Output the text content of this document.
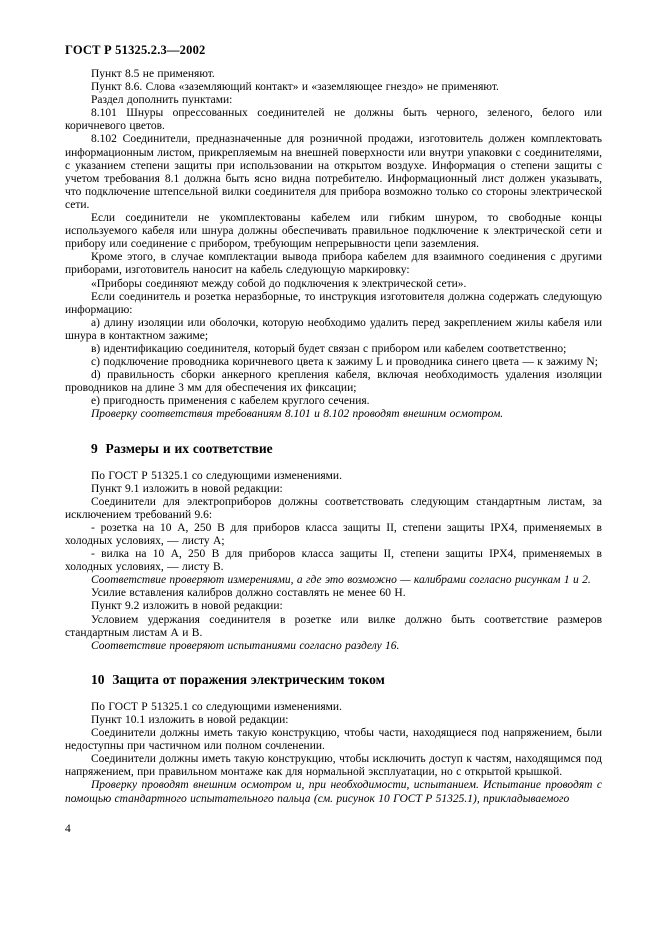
ГОСТ Р 51325.2.3—2002

Пункт 8.5 не применяют.

Пункт 8.6. Слова «заземляющий контакт» и «заземляющее гнездо» не применяют.

Раздел дополнить пунктами:

8.101 Шнуры опрессованных соединителей не должны быть черного, зеленого, белого или коричневого цветов.

8.102 Соединители, предназначенные для розничной продажи, изготовитель должен комплектовать информационным листом, прикрепляемым на внешней поверхности или внутри упаковки с соединителями, с указанием степени защиты при использовании на открытом воздухе. Информация о степени защиты с учетом требования 8.1 должна быть ясно видна потребителю. Информационный лист должен указывать, что подключение штепсельной вилки соединителя для прибора возможно только со стороны электрической сети.

Если соединители не укомплектованы кабелем или гибким шнуром, то свободные концы используемого кабеля или шнура должны обеспечивать правильное подключение к электрической сети и прибору или соединение с прибором, требующим непрерывности цепи заземления.

Кроме этого, в случае комплектации вывода прибора кабелем для взаимного соединения с другими приборами, изготовитель наносит на кабель следующую маркировку:

«Приборы соединяют между собой до подключения к электрической сети».

Если соединитель и розетка неразборные, то инструкция изготовителя должна содержать следующую информацию:

а) длину изоляции или оболочки, которую необходимо удалить перед закреплением жилы кабеля или шнура в контактном зажиме;

в) идентификацию соединителя, который будет связан с прибором или кабелем соответственно;

с) подключение проводника коричневого цвета к зажиму L и проводника синего цвета — к зажиму N;

d) правильность сборки анкерного крепления кабеля, включая необходимость удаления изоляции проводников на длине 3 мм для обеспечения их фиксации;

е) пригодность применения с кабелем круглого сечения.

Проверку соответствия требованиям 8.101 и 8.102 проводят внешним осмотром.

9  Размеры и их соответствие

По ГОСТ Р 51325.1 со следующими изменениями.

Пункт 9.1 изложить в новой редакции:

Соединители для электроприборов должны соответствовать следующим стандартным листам, за исключением требований 9.6:

- розетка на 10 А, 250 В для приборов класса защиты II, степени защиты IPX4, применяемых в холодных условиях, — листу А;

- вилка на 10 А, 250 В для приборов класса защиты II, степени защиты IPX4, применяемых в холодных условиях, — листу В.

Соответствие проверяют измерениями, а где это возможно — калибрами согласно рисункам 1 и 2.

Усилие вставления калибров должно составлять не менее 60 Н.

Пункт 9.2 изложить в новой редакции:

Условием удержания соединителя в розетке или вилке должно быть соответствие размеров стандартным листам А и В.

Соответствие проверяют испытаниями согласно разделу 16.

10  Защита от поражения электрическим током

По ГОСТ Р 51325.1 со следующими изменениями.

Пункт 10.1 изложить в новой редакции:

Соединители должны иметь такую конструкцию, чтобы части, находящиеся под напряжением, были недоступны при частичном или полном сочленении.

Соединители должны иметь такую конструкцию, чтобы исключить доступ к частям, находящимся под напряжением, при правильном монтаже как для нормальной эксплуатации, но с открытой крышкой.

Проверку проводят внешним осмотром и, при необходимости, испытанием. Испытание проводят с помощью стандартного испытательного пальца (см. рисунок 10 ГОСТ Р 51325.1), прикладываемого

4
